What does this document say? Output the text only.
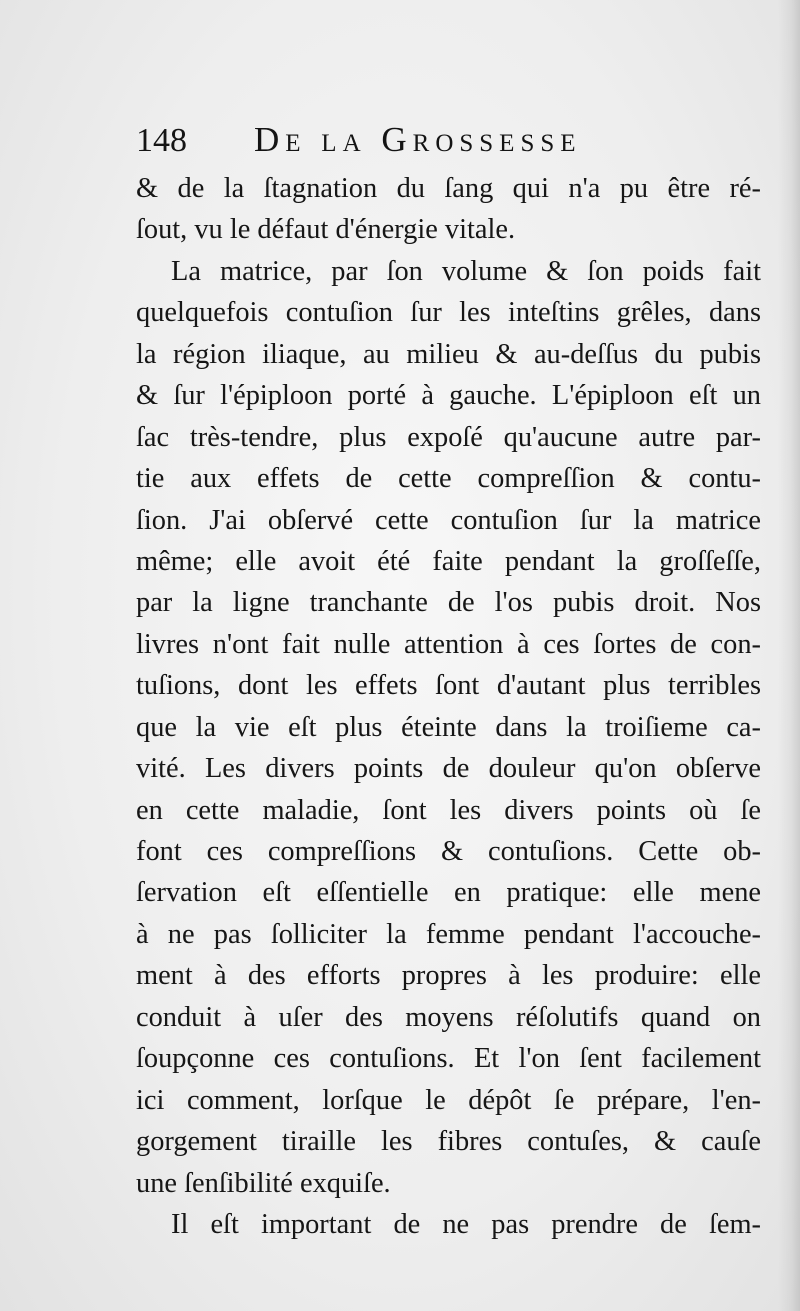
148 De la Grossesse
& de la ſtagnation du ſang qui n'a pu être ré-
ſout, vu le défaut d'énergie vitale.
La matrice, par ſon volume & ſon poids fait
quelquefois contuſion ſur les inteſtins grêles, dans
la région iliaque, au milieu & au-deſſus du pubis
& ſur l'épiploon porté à gauche. L'épiploon eſt un
ſac très-tendre, plus expoſé qu'aucune autre par-
tie aux effets de cette compreſſion & contu-
ſion. J'ai obſervé cette contuſion ſur la matrice
même; elle avoit été faite pendant la groſſeſſe,
par la ligne tranchante de l'os pubis droit. Nos
livres n'ont fait nulle attention à ces ſortes de con-
tuſions, dont les effets ſont d'autant plus terribles
que la vie eſt plus éteinte dans la troiſieme ca-
vité. Les divers points de douleur qu'on obſerve
en cette maladie, ſont les divers points où ſe
font ces compreſſions & contuſions. Cette ob-
ſervation eſt eſſentielle en pratique: elle mene
à ne pas ſolliciter la femme pendant l'accouche-
ment à des efforts propres à les produire: elle
conduit à uſer des moyens réſolutifs quand on
ſoupçonne ces contuſions. Et l'on ſent facilement
ici comment, lorſque le dépôt ſe prépare, l'en-
gorgement tiraille les fibres contuſes, & cauſe
une ſenſibilité exquiſe.
Il eſt important de ne pas prendre de ſem-
